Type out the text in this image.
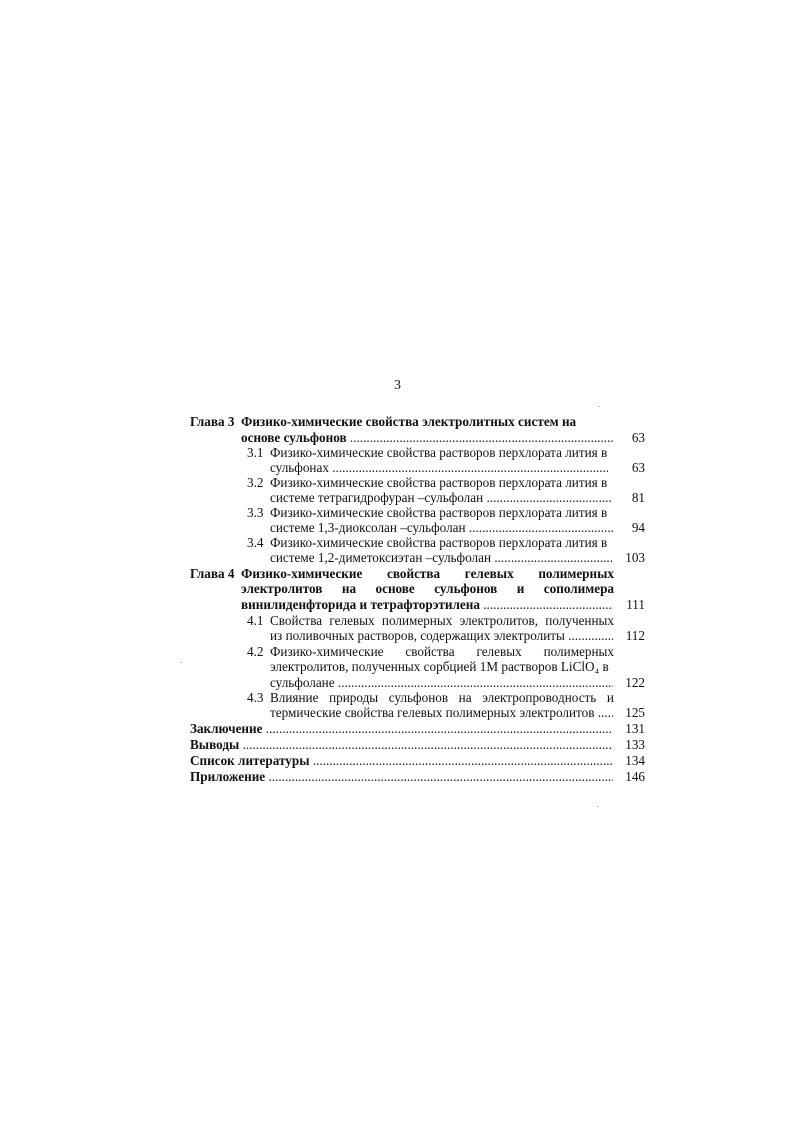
3
Глава 3 Физико-химические свойства электролитных систем на
основе сульфонов .....	63
3.1 Физико-химические свойства растворов перхлората лития в
сульфонах .....	63
3.2 Физико-химические свойства растворов перхлората лития в
системе тетрагидрофуран –сульфолан .....	81
3.3 Физико-химические свойства растворов перхлората лития в
системе 1,3-диоксолан –сульфолан .....	94
3.4 Физико-химические свойства растворов перхлората лития в
системе 1,2-диметоксиэтан –сульфолан .....	103
Глава 4 Физико-химические свойства гелевых полимерных
электролитов на основе сульфонов и сополимера
винилиденфторида и тетрафторэтилена .....	111
4.1 Свойства гелевых полимерных электролитов, полученных
из поливочных растворов, содержащих электролиты .....	112
4.2 Физико-химические свойства гелевых полимерных
электролитов, полученных сорбцией 1М растворов LiClO₄ в
сульфолане .....	122
4.3 Влияние природы сульфонов на электропроводность и
термические свойства гелевых полимерных электролитов .....	125
Заключение .....	131
Выводы .....	133
Список литературы .....	134
Приложение .....	146
